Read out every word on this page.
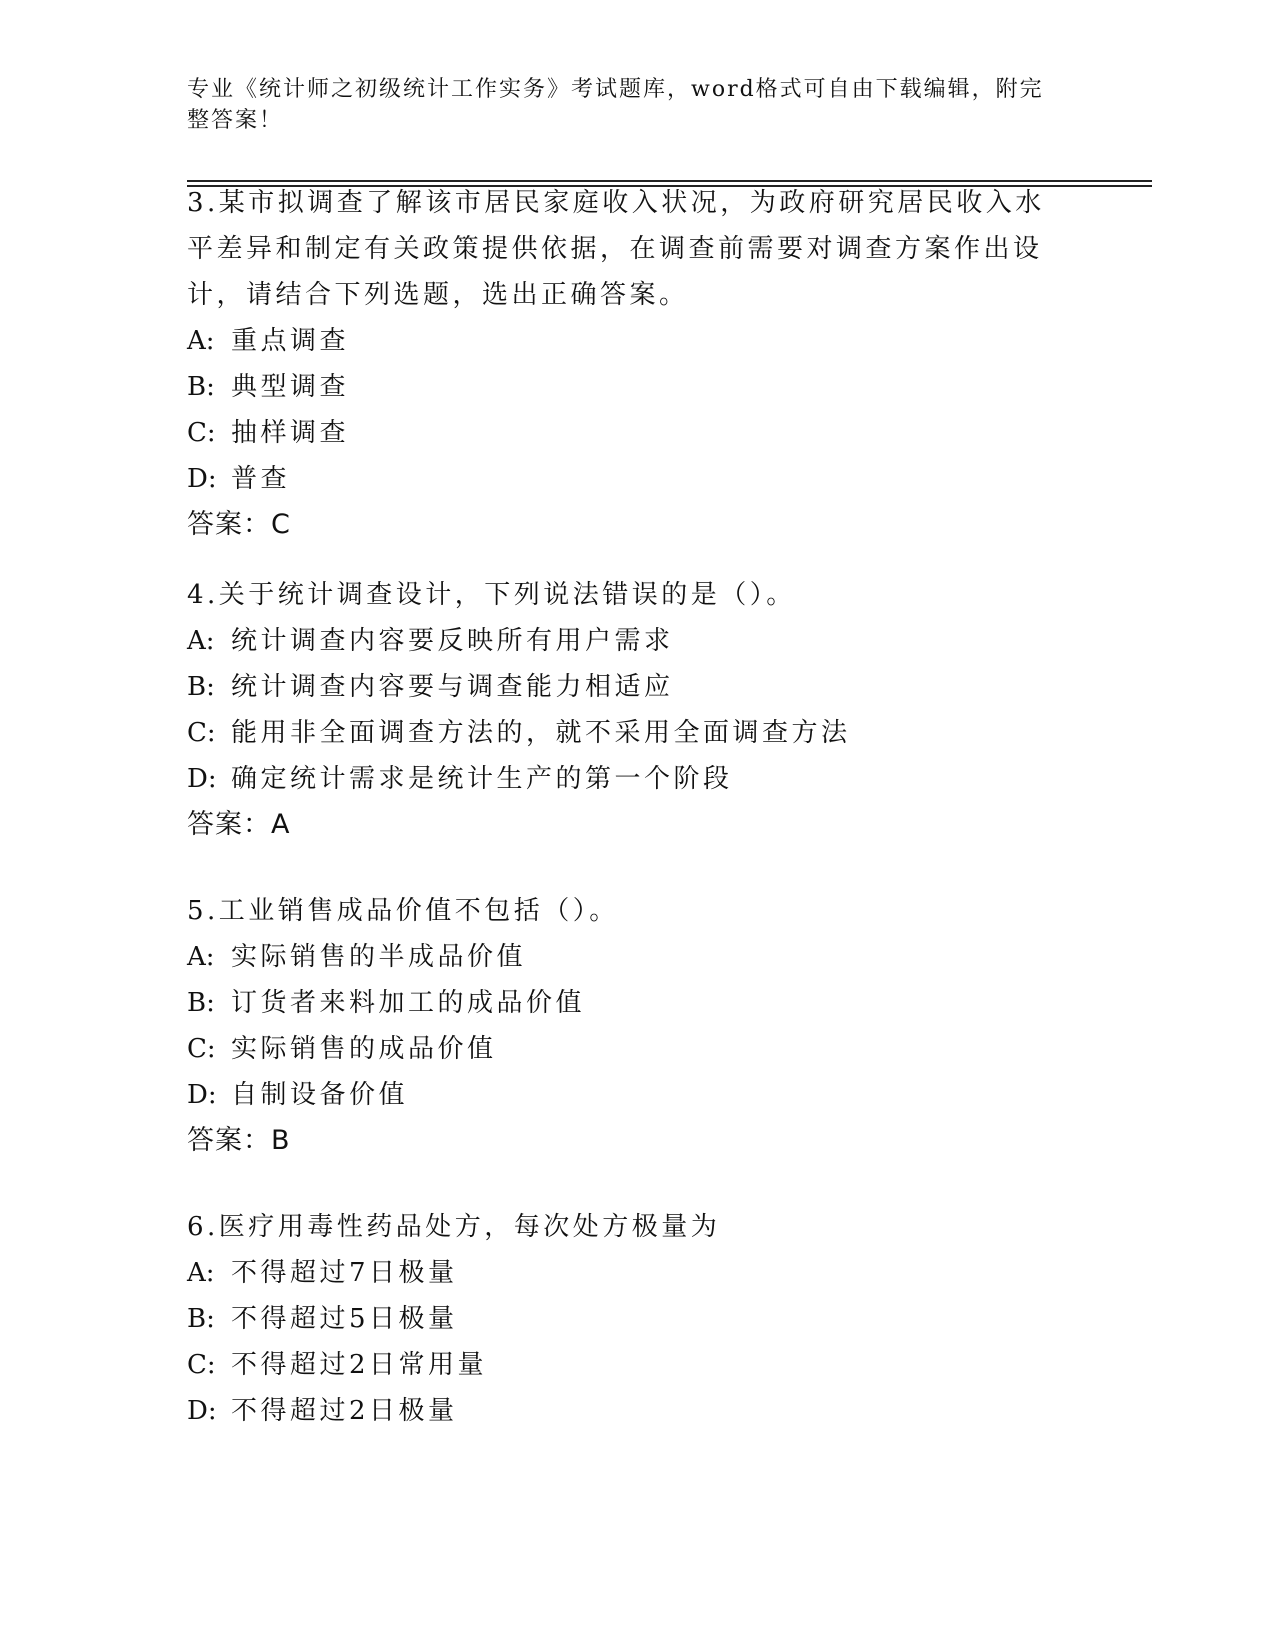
专业《统计师之初级统计工作实务》考试题库，word格式可自由下载编辑，附完
整答案！

3.某市拟调查了解该市居民家庭收入状况，为政府研究居民收入水平差异和制定有关政策提供依据，在调查前需要对调查方案作出设计，请结合下列选题，选出正确答案。

A: 重点调查

B: 典型调查

C: 抽样调查

D: 普查

答案：C

4.关于统计调查设计，下列说法错误的是（）。

A: 统计调查内容要反映所有用户需求

B: 统计调查内容要与调查能力相适应

C: 能用非全面调查方法的，就不采用全面调查方法

D: 确定统计需求是统计生产的第一个阶段

答案：A

5.工业销售成品价值不包括（）。

A: 实际销售的半成品价值

B: 订货者来料加工的成品价值

C: 实际销售的成品价值

D: 自制设备价值

答案：B

6.医疗用毒性药品处方，每次处方极量为

A: 不得超过7日极量

B: 不得超过5日极量

C: 不得超过2日常用量

D: 不得超过2日极量
